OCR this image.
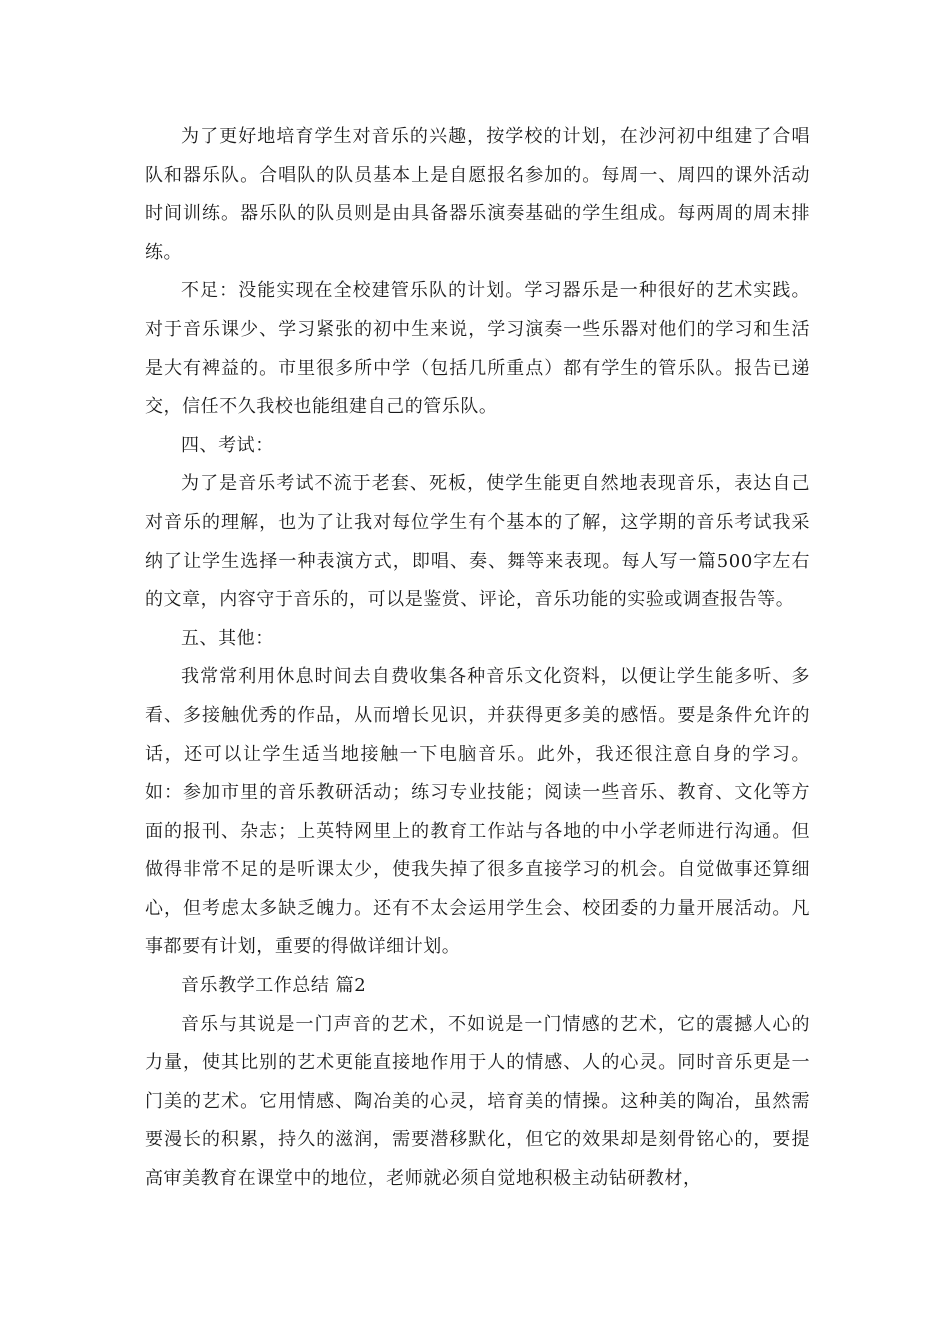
为了更好地培育学生对音乐的兴趣，按学校的计划，在沙河初中组建了合唱队和器乐队。合唱队的队员基本上是自愿报名参加的。每周一、周四的课外活动时间训练。器乐队的队员则是由具备器乐演奏基础的学生组成。每两周的周末排练。

不足：没能实现在全校建管乐队的计划。学习器乐是一种很好的艺术实践。对于音乐课少、学习紧张的初中生来说，学习演奏一些乐器对他们的学习和生活是大有裨益的。市里很多所中学（包括几所重点）都有学生的管乐队。报告已递交，信任不久我校也能组建自己的管乐队。

四、考试：

为了是音乐考试不流于老套、死板，使学生能更自然地表现音乐，表达自己对音乐的理解，也为了让我对每位学生有个基本的了解，这学期的音乐考试我采纳了让学生选择一种表演方式，即唱、奏、舞等来表现。每人写一篇500字左右的文章，内容守于音乐的，可以是鉴赏、评论，音乐功能的实验或调查报告等。

五、其他：

我常常利用休息时间去自费收集各种音乐文化资料，以便让学生能多听、多看、多接触优秀的作品，从而增长见识，并获得更多美的感悟。要是条件允许的话，还可以让学生适当地接触一下电脑音乐。此外，我还很注意自身的学习。如：参加市里的音乐教研活动；练习专业技能；阅读一些音乐、教育、文化等方面的报刊、杂志；上英特网里上的教育工作站与各地的中小学老师进行沟通。但做得非常不足的是听课太少，使我失掉了很多直接学习的机会。自觉做事还算细心，但考虑太多缺乏魄力。还有不太会运用学生会、校团委的力量开展活动。凡事都要有计划，重要的得做详细计划。

音乐教学工作总结 篇2

音乐与其说是一门声音的艺术，不如说是一门情感的艺术，它的震撼人心的力量，使其比别的艺术更能直接地作用于人的情感、人的心灵。同时音乐更是一门美的艺术。它用情感、陶冶美的心灵，培育美的情操。这种美的陶冶，虽然需要漫长的积累，持久的滋润，需要潜移默化，但它的效果却是刻骨铭心的，要提高审美教育在课堂中的地位，老师就必须自觉地积极主动钻研教材，
